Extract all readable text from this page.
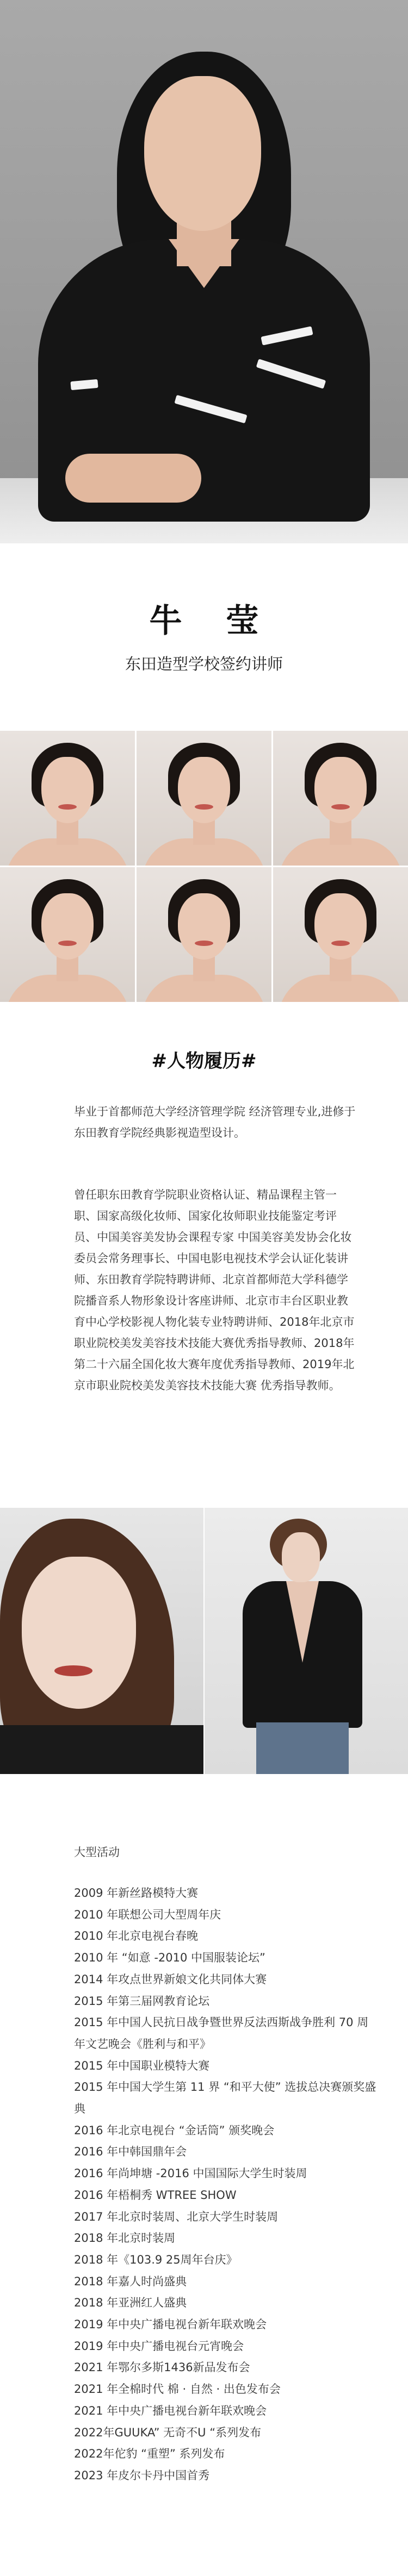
牛 莹
东田造型学校签约讲师
#人物履历#

毕业于首都师范大学经济管理学院 经济管理专业,进修于东田教育学院经典影视造型设计。

曾任职东田教育学院职业资格认证、精品课程主管一职、国家高级化妆师、国家化妆师职业技能鉴定考评员、中国美容美发协会课程专家 中国美容美发协会化妆委员会常务理事长、中国电影电视技术学会认证化装讲师、东田教育学院特聘讲师、北京首都师范大学科德学院播音系人物形象设计客座讲师、北京市丰台区职业教育中心学校影视人物化装专业特聘讲师、2018年北京市职业院校美发美容技术技能大赛优秀指导教师、2018年第二十六届全国化妆大赛年度优秀指导教师、2019年北京市职业院校美发美容技术技能大赛 优秀指导教师。

大型活动
2009 年新丝路模特大赛
2010 年联想公司大型周年庆
2010 年北京电视台春晚
2010 年 “如意 -2010 中国服装论坛”
2014 年攻点世界新娘文化共同体大赛
2015 年第三届网教育论坛
2015 年中国人民抗日战争暨世界反法西斯战争胜利 70 周年文艺晚会《胜利与和平》
2015 年中国职业模特大赛
2015 年中国大学生第 11 界 “和平大使” 选拔总决赛颁奖盛典
2016 年北京电视台 “金话筒” 颁奖晚会
2016 年中韩国鼎年会
2016 年尚坤塘 -2016 中国国际大学生时装周
2016 年梧桐秀 WTREE SHOW
2017 年北京时装周、北京大学生时装周
2018 年北京时装周
2018 年《103.9 25周年台庆》
2018 年嘉人时尚盛典
2018 年亚洲红人盛典
2019 年中央广播电视台新年联欢晚会
2019 年中央广播电视台元宵晚会
2021 年鄂尔多斯1436新品发布会
2021 年全棉时代 棉 · 自然 · 出色发布会
2021 年中央广播电视台新年联欢晚会
2022年GUUKA” 无奇不U “系列发布
2022年佗豹 “重塑” 系列发布
2023 年皮尔卡丹中国首秀
